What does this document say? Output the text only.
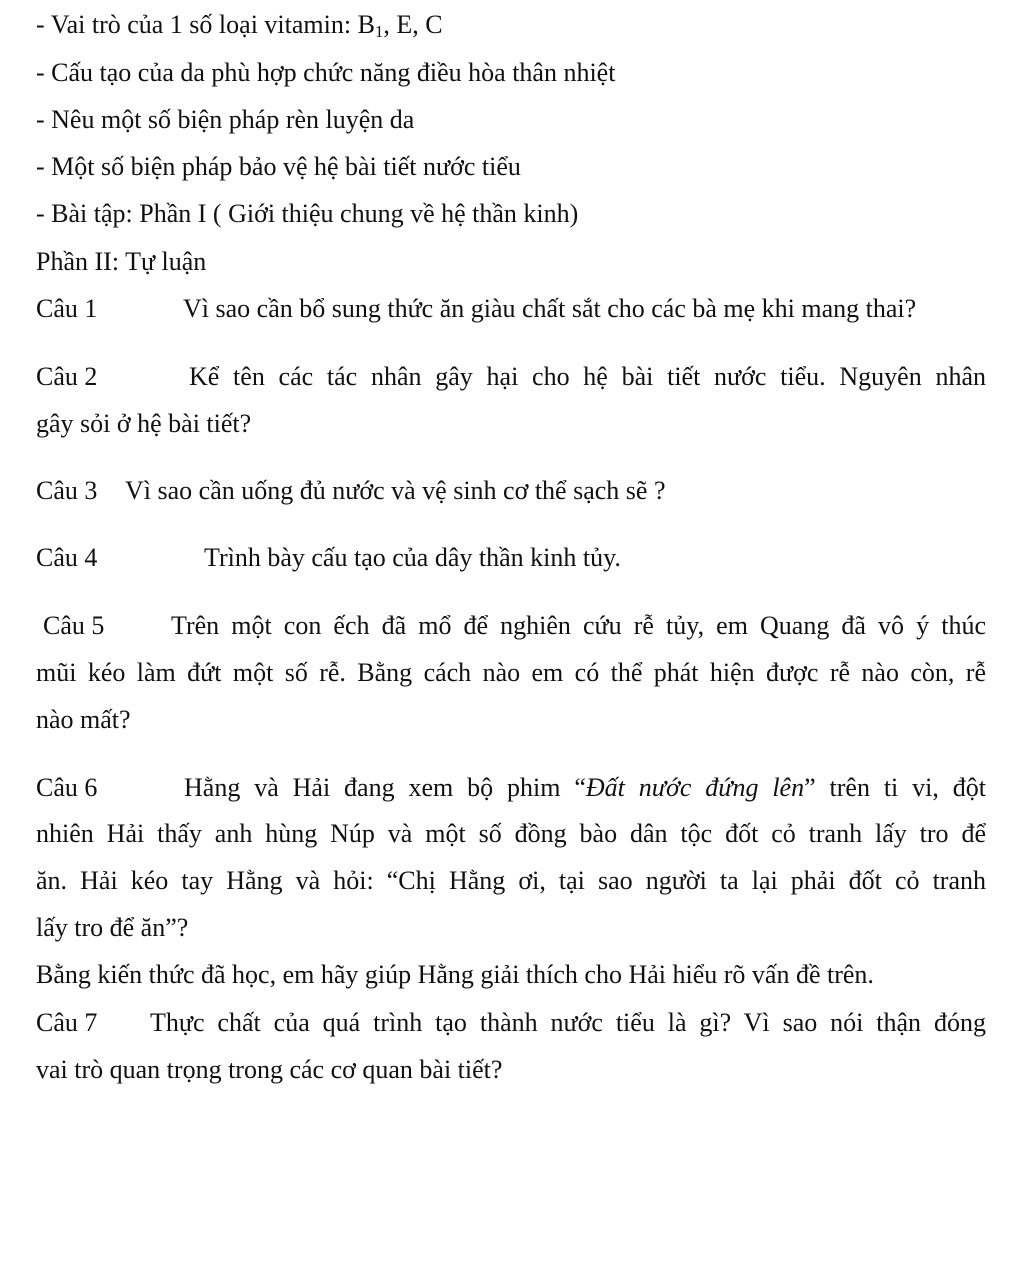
- Vai trò của 1 số loại vitamin: $B_1$, E, C
- Cấu tạo của da phù hợp chức năng điều hòa thân nhiệt
- Nêu một số biện pháp rèn luyện da
- Một số biện pháp bảo vệ hệ bài tiết nước tiểu
- Bài tập: Phần I ( Giới thiệu chung về hệ thần kinh)
Phần II: Tự luận
Câu 1	Vì sao cần bổ sung thức ăn giàu chất sắt cho các bà mẹ khi mang thai?
Câu 2	Kể tên các tác nhân gây hại cho hệ bài tiết nước tiểu. Nguyên nhân
gây sỏi ở hệ bài tiết?
Câu 3 Vì sao cần uống đủ nước và vệ sinh cơ thể sạch sẽ ?
Câu 4	Trình bày cấu tạo của dây thần kinh tủy.
Câu 5	Trên một con ếch đã mổ để nghiên cứu rễ tủy, em Quang đã vô ý thúc
mũi kéo làm đứt một số rễ. Bằng cách nào em có thể phát hiện được rễ nào còn, rễ
nào mất?
Câu 6	Hằng và Hải đang xem bộ phim “Đất nước đứng lên” trên ti vi, đột
nhiên Hải thấy anh hùng Núp và một số đồng bào dân tộc đốt cỏ tranh lấy tro để
ăn. Hải kéo tay Hằng và hỏi: “Chị Hằng ơi, tại sao người ta lại phải đốt cỏ tranh
lấy tro để ăn”?
Bằng kiến thức đã học, em hãy giúp Hằng giải thích cho Hải hiểu rõ vấn đề trên.
Câu 7 Thực chất của quá trình tạo thành nước tiểu là gì? Vì sao nói thận đóng
vai trò quan trọng trong các cơ quan bài tiết?
